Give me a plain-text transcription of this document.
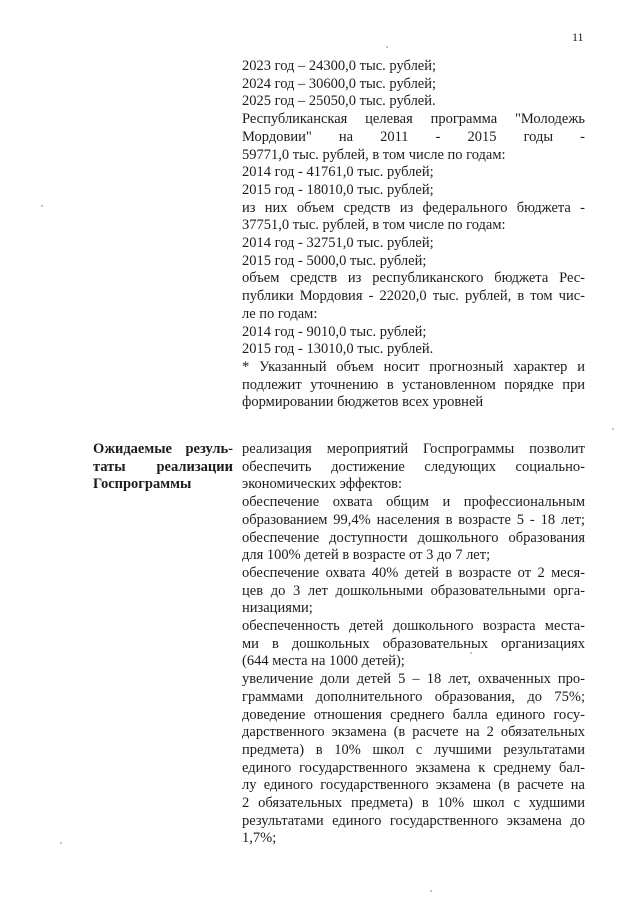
11
2023 год – 24300,0 тыс. рублей;
2024 год – 30600,0 тыс. рублей;
2025 год – 25050,0 тыс. рублей.
Республиканская целевая программа "Молодежь
Мордовии" на 2011 - 2015 годы -
59771,0 тыс. рублей, в том числе по годам:
2014 год - 41761,0 тыс. рублей;
2015 год - 18010,0 тыс. рублей;
из них объем средств из федерального бюджета -
37751,0 тыс. рублей, в том числе по годам:
2014 год - 32751,0 тыс. рублей;
2015 год - 5000,0 тыс. рублей;
объем средств из республиканского бюджета Рес-
публики Мордовия - 22020,0 тыс. рублей, в том чис-
ле по годам:
2014 год - 9010,0 тыс. рублей;
2015 год - 13010,0 тыс. рублей.
* Указанный объем носит прогнозный характер и
подлежит уточнению в установленном порядке при
формировании бюджетов всех уровней
Ожидаемые резуль-
таты реализации
Госпрограммы
реализация мероприятий Госпрограммы позволит
обеспечить достижение следующих социально-
экономических эффектов:
обеспечение охвата общим и профессиональным
образованием 99,4% населения в возрасте 5 - 18 лет;
обеспечение доступности дошкольного образования
для 100% детей в возрасте от 3 до 7 лет;
обеспечение охвата 40% детей в возрасте от 2 меся-
цев до 3 лет дошкольными образовательными орга-
низациями;
обеспеченность детей дошкольного возраста места-
ми в дошкольных образовательных организациях
(644 места на 1000 детей);
увеличение доли детей 5 – 18 лет, охваченных про-
граммами дополнительного образования, до 75%;
доведение отношения среднего балла единого госу-
дарственного экзамена (в расчете на 2 обязательных
предмета) в 10% школ с лучшими результатами
единого государственного экзамена к среднему бал-
лу единого государственного экзамена (в расчете на
2 обязательных предмета) в 10% школ с худшими
результатами единого государственного экзамена до
1,7%;
